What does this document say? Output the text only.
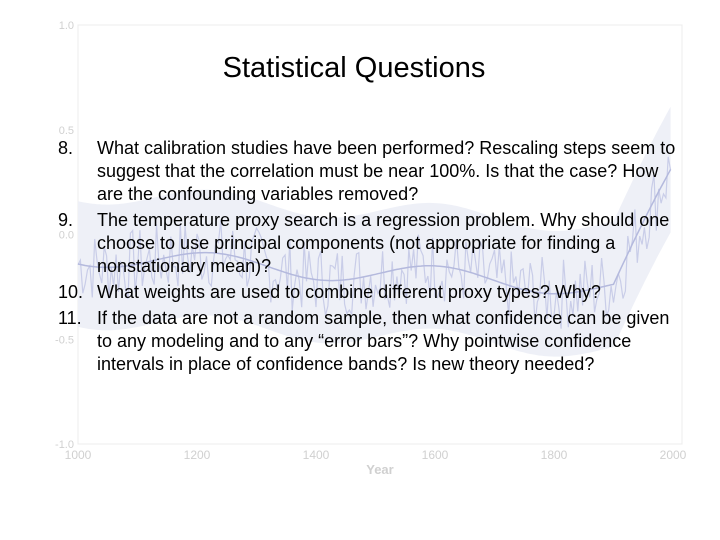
1.0
0.5
0.0
-0.5
-1.0
1000	1200	1400	1600	1800	2000
Year
Statistical Questions
8.	What calibration studies have been performed? Rescaling steps seem to suggest that the correlation must be near 100%. Is that the case? How are the confounding variables removed?
9.	The temperature proxy search is a regression problem. Why should one choose to use principal components (not appropriate for finding a nonstationary mean)?
10. What weights are used to combine different proxy types? Why?
11. If the data are not a random sample, then what confidence can be given to any modeling and to any “error bars”? Why pointwise confidence intervals in place of confidence bands? Is new theory needed?
